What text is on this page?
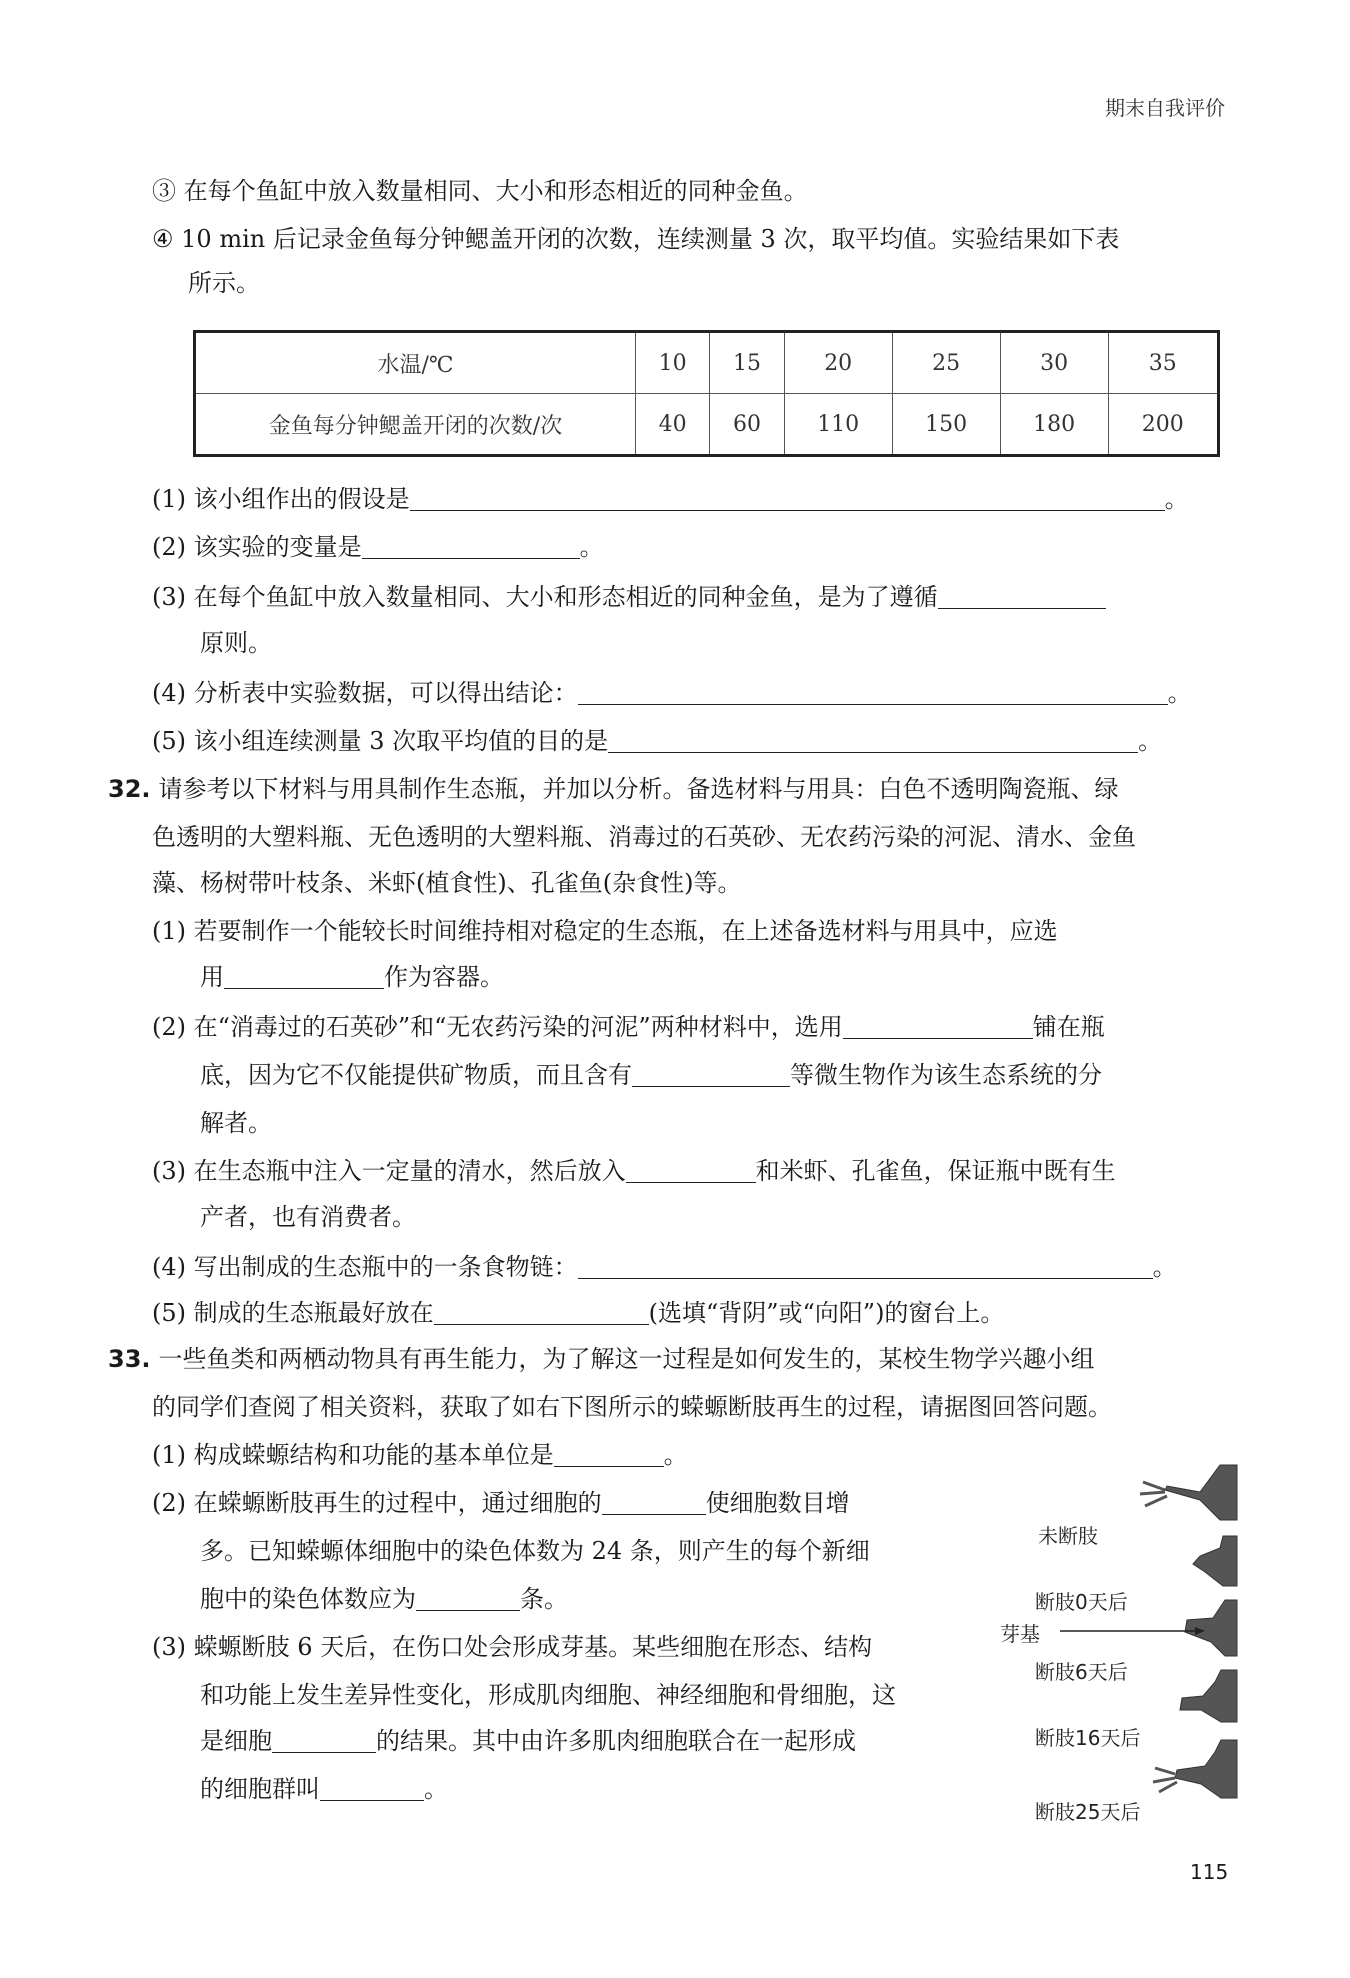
期末自我评价
③ 在每个鱼缸中放入数量相同、大小和形态相近的同种金鱼。
④ 10 min 后记录金鱼每分钟鳃盖开闭的次数，连续测量 3 次，取平均值。实验结果如下表
所示。
水温/℃	10	15	20	25	30	35
金鱼每分钟鳃盖开闭的次数/次	40	60	110	150	180	200
(1) 该小组作出的假设是	。
(2) 该实验的变量是	。
(3) 在每个鱼缸中放入数量相同、大小和形态相近的同种金鱼，是为了遵循
原则。
(4) 分析表中实验数据，可以得出结论：	。
(5) 该小组连续测量 3 次取平均值的目的是	。
32. 请参考以下材料与用具制作生态瓶，并加以分析。备选材料与用具：白色不透明陶瓷瓶、绿
色透明的大塑料瓶、无色透明的大塑料瓶、消毒过的石英砂、无农药污染的河泥、清水、金鱼
藻、杨树带叶枝条、米虾(植食性)、孔雀鱼(杂食性)等。
(1) 若要制作一个能较长时间维持相对稳定的生态瓶，在上述备选材料与用具中，应选
用	作为容器。
(2) 在“消毒过的石英砂”和“无农药污染的河泥”两种材料中，选用	铺在瓶
底，因为它不仅能提供矿物质，而且含有	等微生物作为该生态系统的分
解者。
(3) 在生态瓶中注入一定量的清水，然后放入	和米虾、孔雀鱼，保证瓶中既有生
产者，也有消费者。
(4) 写出制成的生态瓶中的一条食物链：	。
(5) 制成的生态瓶最好放在	(选填“背阴”或“向阳”)的窗台上。
33. 一些鱼类和两栖动物具有再生能力，为了解这一过程是如何发生的，某校生物学兴趣小组
的同学们查阅了相关资料，获取了如右下图所示的蝾螈断肢再生的过程，请据图回答问题。
(1) 构成蝾螈结构和功能的基本单位是	。
(2) 在蝾螈断肢再生的过程中，通过细胞的	使细胞数目增
多。已知蝾螈体细胞中的染色体数为 24 条，则产生的每个新细
胞中的染色体数应为	条。
(3) 蝾螈断肢 6 天后，在伤口处会形成芽基。某些细胞在形态、结构
和功能上发生差异性变化，形成肌肉细胞、神经细胞和骨细胞，这
是细胞	的结果。其中由许多肌肉细胞联合在一起形成
的细胞群叫	。
未断肢
断肢0天后
芽基
断肢6天后
断肢16天后
断肢25天后
115
